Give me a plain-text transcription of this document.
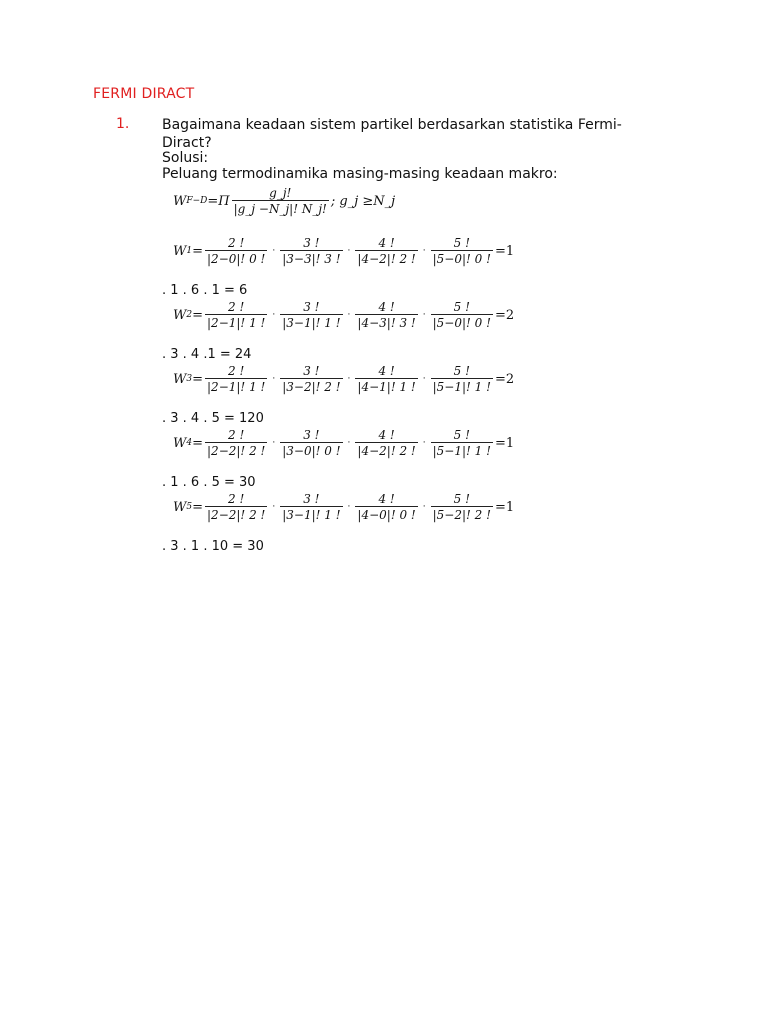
FERMI DIRACT
1. Bagaimana keadaan sistem partikel berdasarkan statistika Fermi-Diract?
Solusi:
Peluang termodinamika masing-masing keadaan makro:
W $F-D =\Pi \frac{g\_j!}{|g\_j -N\_j|! N\_j!}$ ; g_j ≥N_j
W $1 = \frac{2 !}{|2-0|! 0 !} \cdot \frac{3 !}{|3-3|! 3 !} \cdot \frac{4 !}{|4-2|! 2 !} \cdot \frac{5 !}{|5-0|! 0 !} =1$
. 1 . 6 . 1 = 6
W $2 = \frac{2 !}{|2-1|! 1 !} \cdot \frac{3 !}{|3-1|! 1 !} \cdot \frac{4 !}{|4-3|! 3 !} \cdot \frac{5 !}{|5-0|! 0 !} =2$
. 3 . 4 .1 = 24
W $3 = \frac{2 !}{|2-1|! 1 !} \cdot \frac{3 !}{|3-2|! 2 !} \cdot \frac{4 !}{|4-1|! 1 !} \cdot \frac{5 !}{|5-1|! 1 !} =2$
. 3 . 4 . 5 = 120
W $4 = \frac{2 !}{|2-2|! 2 !} \cdot \frac{3 !}{|3-0|! 0 !} \cdot \frac{4 !}{|4-2|! 2 !} \cdot \frac{5 !}{|5-1|! 1 !} =1$
. 1 . 6 . 5 = 30
W $5 = \frac{2 !}{|2-2|! 2 !} \cdot \frac{3 !}{|3-1|! 1 !} \cdot \frac{4 !}{|4-0|! 0 !} \cdot \frac{5 !}{|5-2|! 2 !} =1$
. 3 . 1 . 10 = 30
